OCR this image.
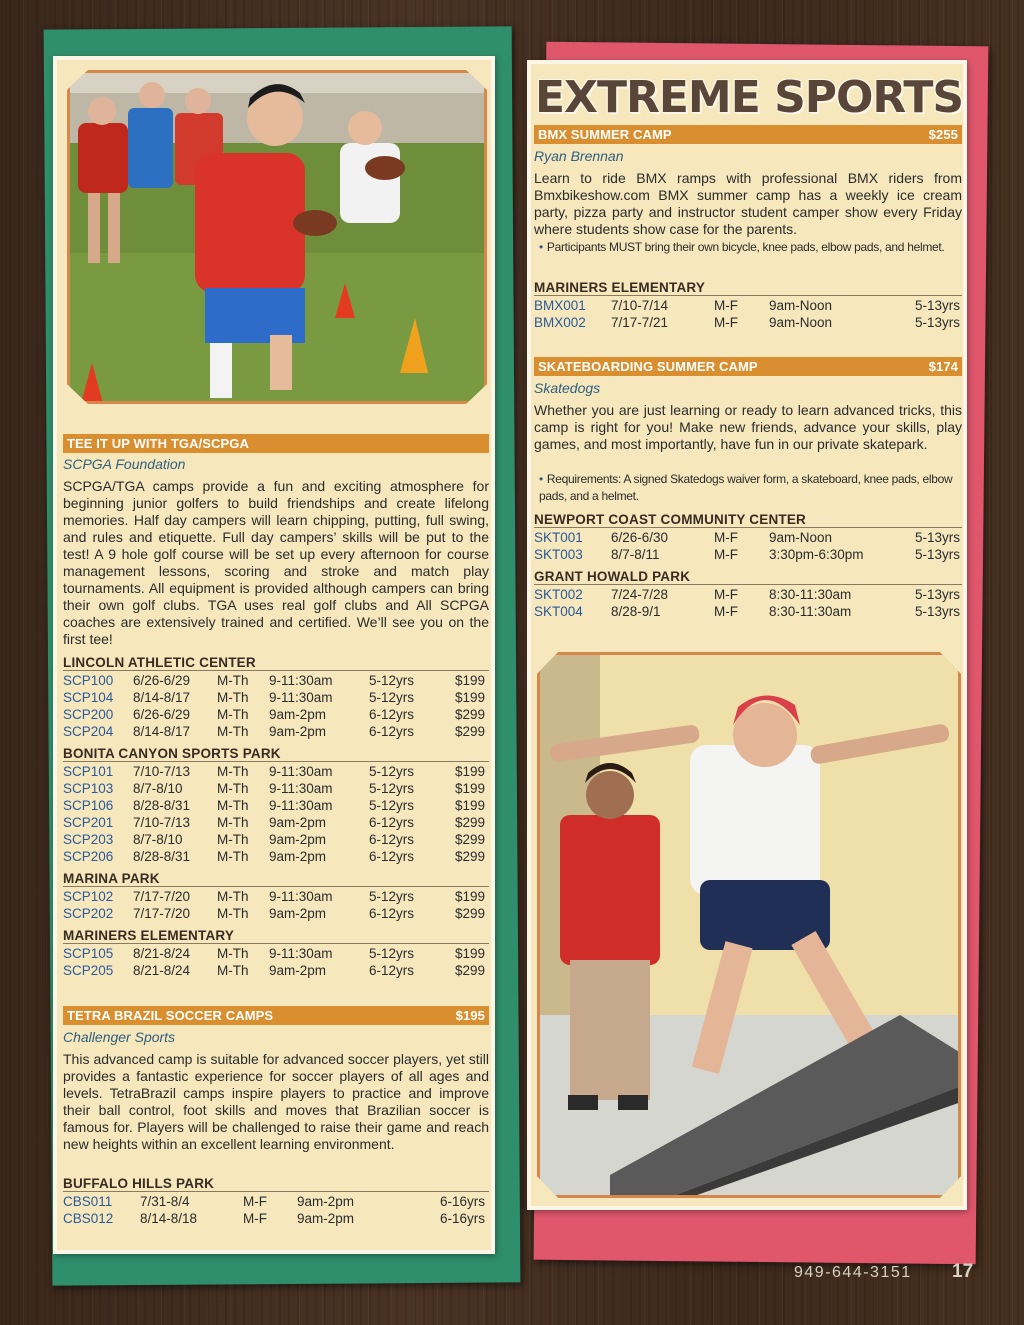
TEE IT UP WITH TGA/SCPGA
SCPGA Foundation
SCPGA/TGA camps provide a fun and exciting atmosphere for beginning junior golfers to build friendships and create lifelong memories. Half day campers will learn chipping, putting, full swing, and rules and etiquette. Full day campers’ skills will be put to the test! A 9 hole golf course will be set up every afternoon for course management lessons, scoring and stroke and match play tournaments. All equipment is provided although campers can bring their own golf clubs. TGA uses real golf clubs and All SCPGA coaches are extensively trained and certified. We’ll see you on the first tee!
LINCOLN ATHLETIC CENTER
SCP100 6/26-6/29 M-Th 9-11:30am	5-12yrs	$199
SCP104 8/14-8/17 M-Th 9-11:30am	5-12yrs	$199
SCP200 6/26-6/29 M-Th 9am-2pm	6-12yrs	$299
SCP204 8/14-8/17 M-Th 9am-2pm	6-12yrs	$299
BONITA CANYON SPORTS PARK
SCP101 7/10-7/13 M-Th 9-11:30am	5-12yrs	$199
SCP103 8/7-8/10	M-Th 9-11:30am	5-12yrs	$199
SCP106 8/28-8/31 M-Th 9-11:30am	5-12yrs	$199
SCP201 7/10-7/13 M-Th 9am-2pm	6-12yrs	$299
SCP203 8/7-8/10	M-Th 9am-2pm	6-12yrs	$299
SCP206 8/28-8/31 M-Th 9am-2pm	6-12yrs	$299
MARINA PARK
SCP102 7/17-7/20 M-Th 9-11:30am	5-12yrs	$199
SCP202 7/17-7/20 M-Th 9am-2pm	6-12yrs	$299
MARINERS ELEMENTARY
SCP105 8/21-8/24 M-Th 9-11:30am	5-12yrs	$199
SCP205 8/21-8/24 M-Th 9am-2pm	6-12yrs	$299
TETRA BRAZIL SOCCER CAMPS	$195
Challenger Sports
This advanced camp is suitable for advanced soccer players, yet still provides a fantastic experience for soccer players of all ages and levels. TetraBrazil camps inspire players to practice and improve their ball control, foot skills and moves that Brazilian soccer is famous for. Players will be challenged to raise their game and reach new heights within an excellent learning environment.
BUFFALO HILLS PARK
CBS011 7/31-8/4	M-F 9am-2pm	6-16yrs
CBS012 8/14-8/18	M-F 9am-2pm	6-16yrs
EXTREME SPORTS
BMX SUMMER CAMP	$255
Ryan Brennan
Learn to ride BMX ramps with professional BMX riders from Bmxbikeshow.com BMX summer camp has a weekly ice cream party, pizza party and instructor student camper show every Friday where students show case for the parents.
• Participants MUST bring their own bicycle, knee pads, elbow pads, and helmet.
MARINERS ELEMENTARY
BMX001 7/10-7/14	M-F 9am-Noon	5-13yrs
BMX002 7/17-7/21	M-F 9am-Noon	5-13yrs
SKATEBOARDING SUMMER CAMP	$174
Skatedogs
Whether you are just learning or ready to learn advanced tricks, this camp is right for you! Make new friends, advance your skills, play games, and most importantly, have fun in our private skatepark.
• Requirements: A signed Skatedogs waiver form, a skateboard, knee pads, elbow pads, and a helmet.
NEWPORT COAST COMMUNITY CENTER
SKT001 6/26-6/30	M-F 9am-Noon	5-13yrs
SKT003 8/7-8/11	M-F 3:30pm-6:30pm	5-13yrs
GRANT HOWALD PARK
SKT002 7/24-7/28	M-F 8:30-11:30am	5-13yrs
SKT004 8/28-9/1	M-F 8:30-11:30am	5-13yrs
949-644-3151 17
